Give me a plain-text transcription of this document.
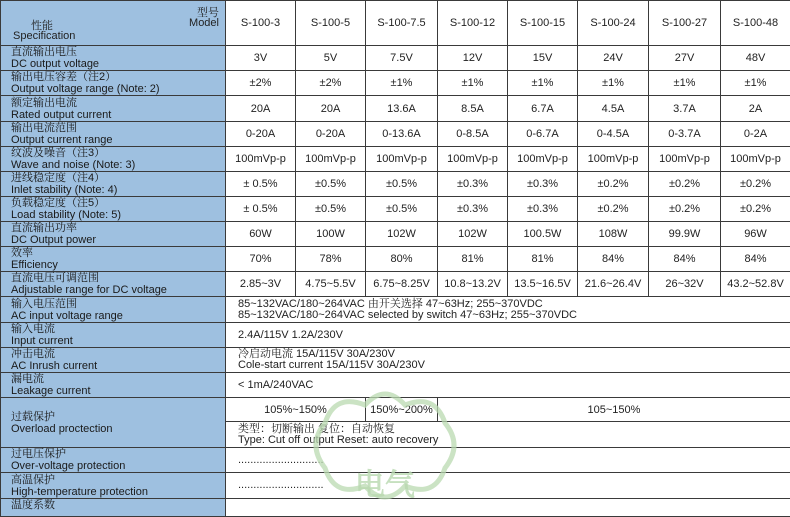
型号
Model
性能
Specification	S-100-3	S-100-5	S-100-7.5	S-100-12	S-100-15	S-100-24	S-100-27	S-100-48

直流输出电压
DC output voltage	3V	5V	7.5V	12V	15V	24V	27V	48V

输出电压容差（注2）
Output voltage range (Note: 2)	±2%	±2%	±1%	±1%	±1%	±1%	±1%	±1%

额定输出电流
Rated output current	20A	20A	13.6A	8.5A	6.7A	4.5A	3.7A	2A

输出电流范围
Output current range	0-20A	0-20A	0-13.6A	0-8.5A	0-6.7A	0-4.5A	0-3.7A	0-2A

纹波及噪音（注3）
Wave and noise (Note: 3)	100mVp-p	100mVp-p	100mVp-p	100mVp-p	100mVp-p	100mVp-p	100mVp-p	100mVp-p

进线稳定度（注4）
Inlet stability (Note: 4)	± 0.5%	±0.5%	±0.5%	±0.3%	±0.3%	±0.2%	±0.2%	±0.2%

负载稳定度（注5）
Load stability (Note: 5)	± 0.5%	±0.5%	±0.5%	±0.3%	±0.3%	±0.2%	±0.2%	±0.2%

直流输出功率
DC Output power	60W	100W	102W	102W	100.5W	108W	99.9W	96W

效率
Efficiency	70%	78%	80%	81%	81%	84%	84%	84%

直流电压可调范围
Adjustable range for DC voltage	2.85~3V	4.75~5.5V	6.75~8.25V	10.8~13.2V	13.5~16.5V	21.6~26.4V	26~32V	43.2~52.8V

输入电压范围
AC input voltage range	85~132VAC/180~264VAC 由开关选择 47~63Hz; 255~370VDC
85~132VAC/180~264VAC selected by switch 47~63Hz; 255~370VDC							

输入电流
Input current	2.4A/115V 1.2A/230V							

冲击电流
AC Inrush current	冷启动电流 15A/115V 30A/230V
Cole-start current 15A/115V 30A/230V							

漏电流
Leakage current	< 1mA/240VAC							

过载保护
Overload proctection	105%~150%		150%~200%	105~150%				

	类型：切断输出 复位：自动恢复
Type: Cut off output Reset: auto recovery							

过电压保护
Over-voltage protection	............................							

高温保护
High-temperature protection	............................							

温度系数								

电气
